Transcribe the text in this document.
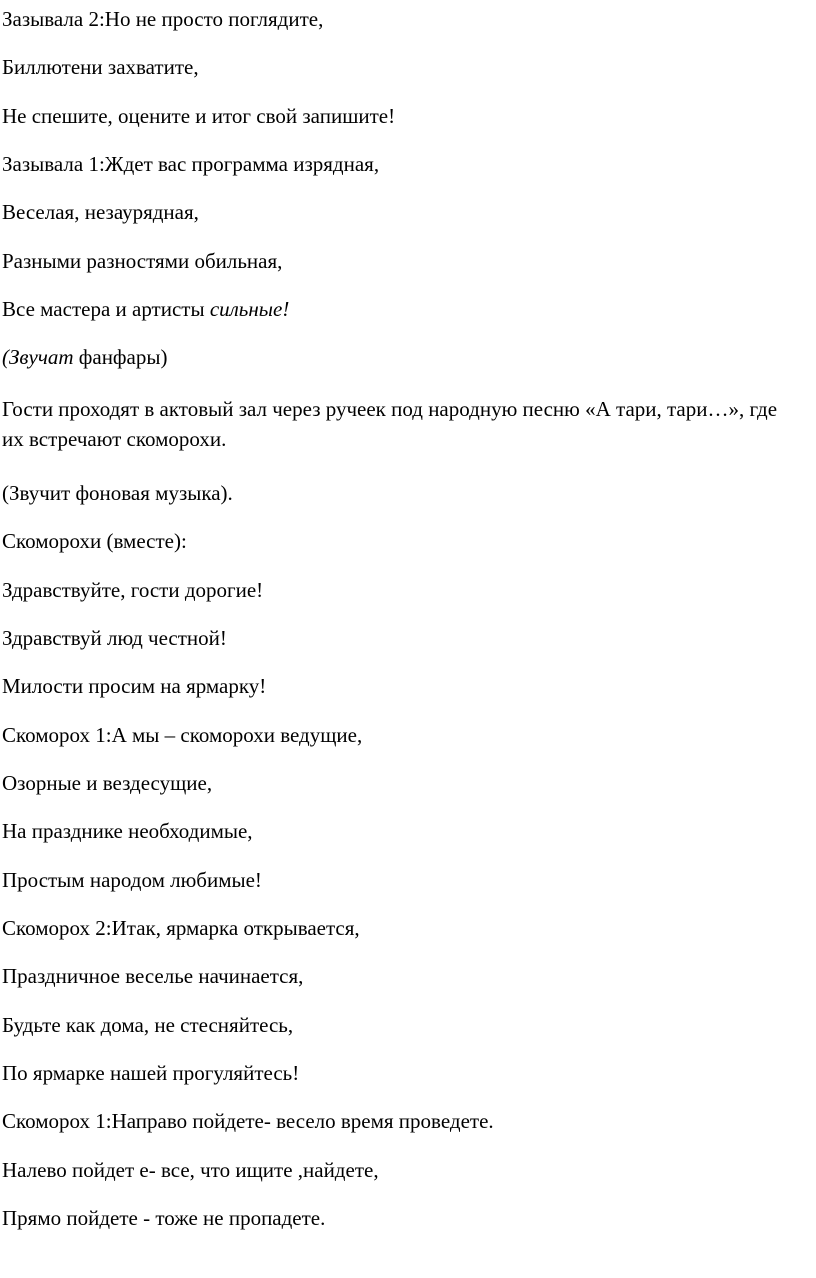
Зазывала 2:Но не просто поглядите,

Биллютени захватите,

Не спешите, оцените и итог свой запишите!

Зазывала 1:Ждет вас программа изрядная,

Веселая, незаурядная,

Разными разностями обильная,

Все мастера и артисты сильные!

(Звучат фанфары)

Гости проходят в актовый зал через ручеек под народную песню «А тари, тари…», где их встречают скоморохи.

(Звучит фоновая музыка).

Скоморохи (вместе):

Здравствуйте, гости дорогие!

Здравствуй люд честной!

Милости просим на ярмарку!

Скоморох 1:А мы – скоморохи ведущие,

Озорные и вездесущие,

На празднике необходимые,

Простым народом любимые!

Скоморох 2:Итак, ярмарка открывается,

Праздничное веселье начинается,

Будьте как дома, не стесняйтесь,

По ярмарке нашей прогуляйтесь!

Скоморох 1:Направо пойдете- весело время проведете.

Налево пойдет е- все, что ищите ,найдете,

Прямо пойдете - тоже не пропадете.
